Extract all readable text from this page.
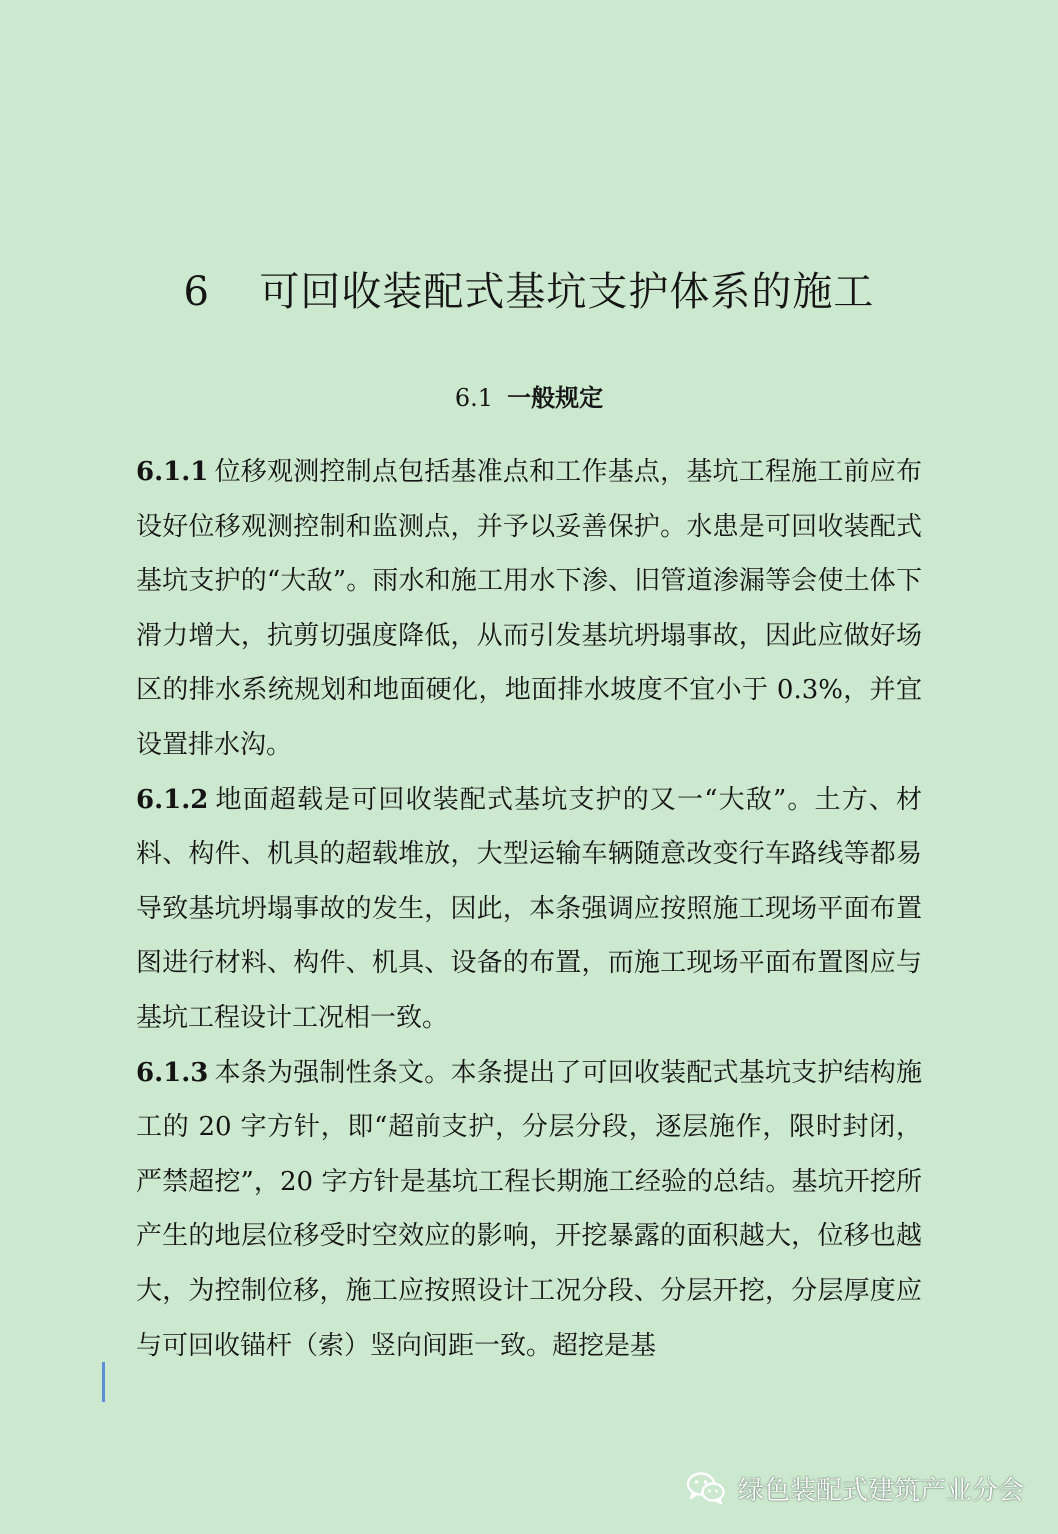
6 可回收装配式基坑支护体系的施工
6.1 一般规定

6.1.1 位移观测控制点包括基准点和工作基点，基坑工程施工前应布设好位移观测控制和监测点，并予以妥善保护。水患是可回收装配式基坑支护的“大敌”。雨水和施工用水下渗、旧管道渗漏等会使土体下滑力增大，抗剪切强度降低，从而引发基坑坍塌事故，因此应做好场区的排水系统规划和地面硬化，地面排水坡度不宜小于 0.3%，并宜设置排水沟。

6.1.2 地面超载是可回收装配式基坑支护的又一“大敌”。土方、材料、构件、机具的超载堆放，大型运输车辆随意改变行车路线等都易导致基坑坍塌事故的发生，因此，本条强调应按照施工现场平面布置图进行材料、构件、机具、设备的布置，而施工现场平面布置图应与基坑工程设计工况相一致。

6.1.3 本条为强制性条文。本条提出了可回收装配式基坑支护结构施工的 20 字方针，即“超前支护，分层分段，逐层施作，限时封闭，严禁超挖”，20 字方针是基坑工程长期施工经验的总结。基坑开挖所产生的地层位移受时空效应的影响，开挖暴露的面积越大，位移也越大，为控制位移，施工应按照设计工况分段、分层开挖，分层厚度应与可回收锚杆（索）竖向间距一致。超挖是基

绿色装配式建筑产业分会
